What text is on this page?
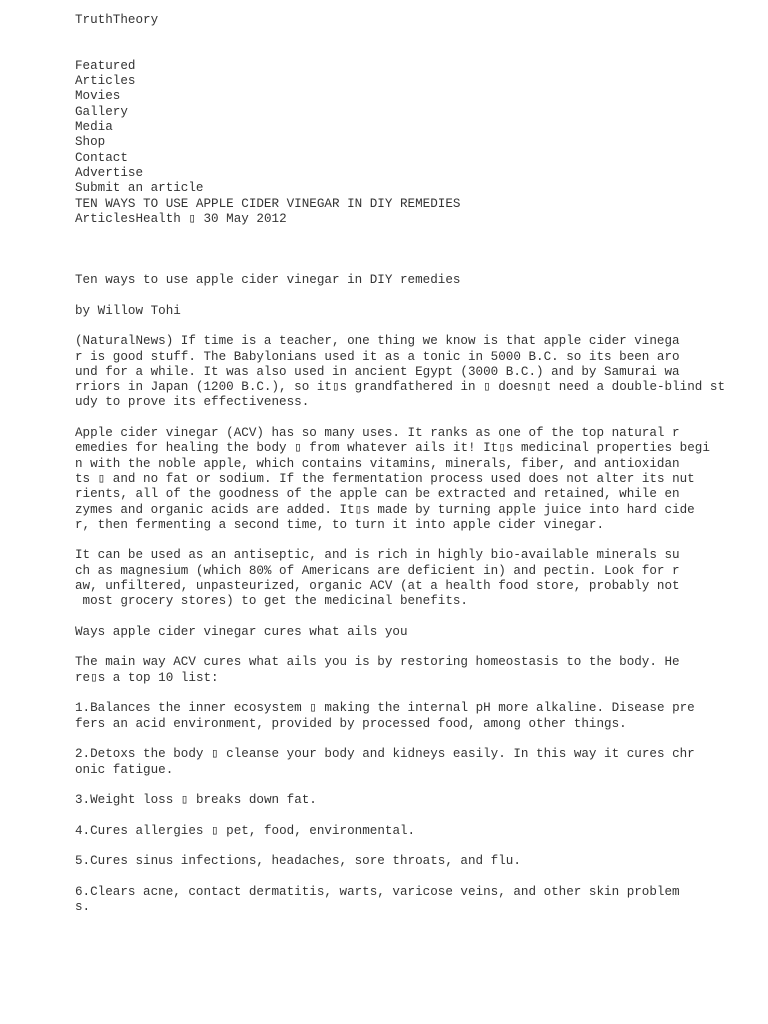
TruthTheory
Featured
Articles
Movies
Gallery
Media
Shop
Contact
Advertise
Submit an article
TEN WAYS TO USE APPLE CIDER VINEGAR IN DIY REMEDIES
ArticlesHealth ▯ 30 May 2012
Ten ways to use apple cider vinegar in DIY remedies
by Willow Tohi
(NaturalNews) If time is a teacher, one thing we know is that apple cider vinega
r is good stuff. The Babylonians used it as a tonic in 5000 B.C. so its been aro
und for a while. It was also used in ancient Egypt (3000 B.C.) and by Samurai wa
rriors in Japan (1200 B.C.), so it▯s grandfathered in ▯ doesn▯t need a double-blind st
udy to prove its effectiveness.
Apple cider vinegar (ACV) has so many uses. It ranks as one of the top natural r
emedies for healing the body ▯ from whatever ails it! It▯s medicinal properties begi
n with the noble apple, which contains vitamins, minerals, fiber, and antioxidan
ts ▯ and no fat or sodium. If the fermentation process used does not alter its nut
rients, all of the goodness of the apple can be extracted and retained, while en
zymes and organic acids are added. It▯s made by turning apple juice into hard cide
r, then fermenting a second time, to turn it into apple cider vinegar.
It can be used as an antiseptic, and is rich in highly bio-available minerals su
ch as magnesium (which 80% of Americans are deficient in) and pectin. Look for r
aw, unfiltered, unpasteurized, organic ACV (at a health food store, probably not
most grocery stores) to get the medicinal benefits.
Ways apple cider vinegar cures what ails you
The main way ACV cures what ails you is by restoring homeostasis to the body. He
re▯s a top 10 list:
1.Balances the inner ecosystem ▯ making the internal pH more alkaline. Disease pre
fers an acid environment, provided by processed food, among other things.
2.Detoxs the body ▯ cleanse your body and kidneys easily. In this way it cures chr
onic fatigue.
3.Weight loss ▯ breaks down fat.
4.Cures allergies ▯ pet, food, environmental.
5.Cures sinus infections, headaches, sore throats, and flu.
6.Clears acne, contact dermatitis, warts, varicose veins, and other skin problem
s.
